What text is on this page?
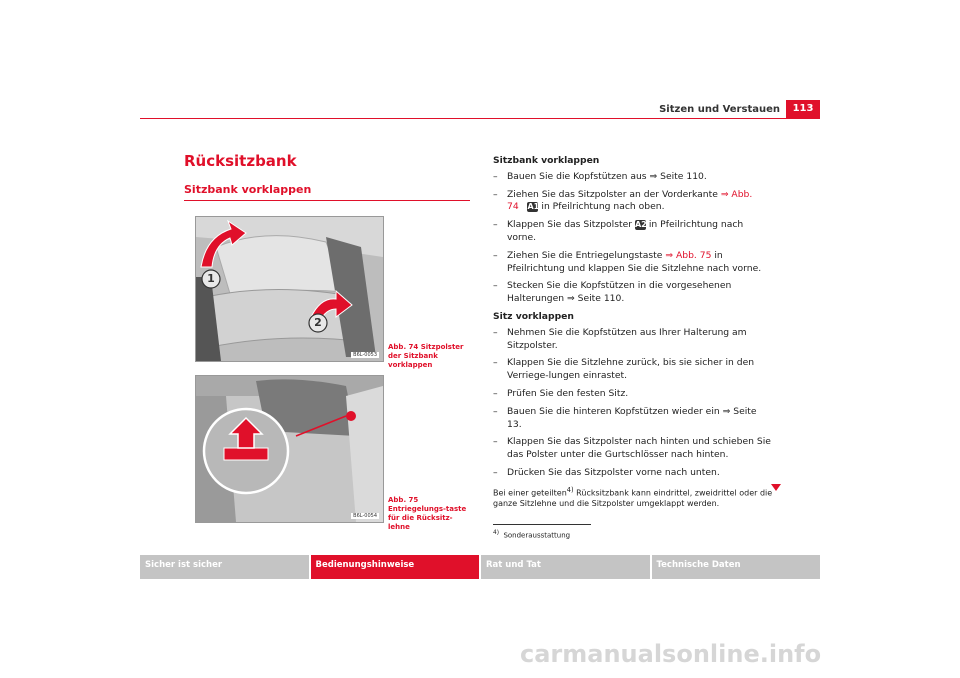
Sitzen und Verstauen	113
Rücksitzbank
Sitzbank vorklappen
1
2
B6L-0053
Abb. 74 Sitzpolster der Sitzbank vorklappen
B6L-0054
Abb. 75 Entriegelungs-taste für die Rücksitz-lehne
Sitzbank vorklappen
– Bauen Sie die Kopfstützen aus ⇒ Seite 110.
– Ziehen Sie das Sitzpolster an der Vorderkante ⇒ Abb. 74 A1 in Pfeilrichtung nach oben.
– Klappen Sie das Sitzpolster A2 in Pfeilrichtung nach vorne.
– Ziehen Sie die Entriegelungstaste ⇒ Abb. 75 in Pfeilrichtung und klappen Sie die Sitzlehne nach vorne.
– Stecken Sie die Kopfstützen in die vorgesehenen Halterungen ⇒ Seite 110.
Sitz vorklappen
– Nehmen Sie die Kopfstützen aus Ihrer Halterung am Sitzpolster.
– Klappen Sie die Sitzlehne zurück, bis sie sicher in den Verriege-lungen einrastet.
– Prüfen Sie den festen Sitz.
– Bauen Sie die hinteren Kopfstützen wieder ein ⇒ Seite 13.
– Klappen Sie das Sitzpolster nach hinten und schieben Sie das Polster unter die Gurtschlösser nach hinten.
– Drücken Sie das Sitzpolster vorne nach unten.
Bei einer geteilten$^{4)}$ Rücksitzbank kann eindrittel, zweidrittel oder die ganze Sitzlehne und die Sitzpolster umgeklappt werden.
$^{4)}$ Sonderausstattung
Sicher ist sicher	Bedienungshinweise	Rat und Tat	Technische Daten
carmanualsonline.info
